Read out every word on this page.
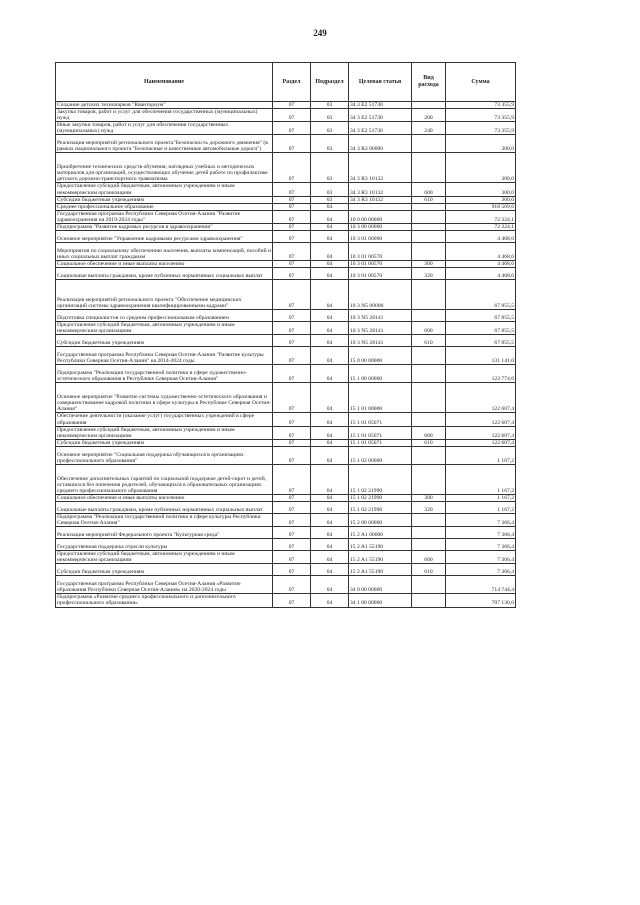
249
Наименование	Раздел	Подраздел	Целевая статья	Вид расхода	Сумма
Создание детских технопарков "Кванториум"	07	03	34 3 E2 51730		73 355,9
Закупка товаров, работ и услуг для обеспечения государственных (муниципальных) нужд	07	03	34 3 E2 51730	200	73 355,9
Иные закупки товаров, работ и услуг для обеспечения государственных (муниципальных) нужд	07	03	34 3 E2 51730	240	73 355,9
Реализация мероприятий регионального проекта"Безопасность дорожного движения" (в рамках национального проекта "Безопасные и качественные автомобильные дороги")	07	03	34 3 R3 00000		300,0
Приобретение технических средств обучения, наглядных учебных и методических материалов для организаций, осуществляющих обучение детей работе по профилактике детского дорожно-транспортного травматизма	07	03	34 3 R3 10132		300,0
Предоставление субсидий бюджетным, автономным учреждениям и иным некоммерческим организациям	07	03	34 3 R3 10132	600	300,0
Субсидии бюджетным учреждениям	07	03	34 3 R3 10132	610	300,0
Среднее профессиональное образование	07	04			918 569,6
Государственная программа Республики Северная Осетия-Алания "Развитие здравоохранения на 2019-2024 годы"	07	04	10 0 00 00000		72 324,1
Подпрограмма "Развитие кадровых ресурсов в здравоохранении"	07	04	10 3 00 00000		72 324,1
Основное мероприятие "Управление кадровыми ресурсами здравоохранения"	07	04	10 3 01 00000		4 468,6
Мероприятия по социальному обеспечению населения, выплаты компенсаций, пособий и иных социальных выплат гражданам	07	04	10 3 01 00570		4 468,6
Социальное обеспечение и иные выплаты населению	07	04	10 3 01 00570	300	4 468,6
Социальные выплаты гражданам, кроме публичных нормативных социальных выплат	07	04	10 3 01 00570	320	4 468,6
Реализация мероприятий регионального проекта "Обеспечение медицинских организаций системы здравоохранения квалифицированными кадрами"	07	04	10 3 N5 00000		67 855,5
Подготовка специалистов со средним профессиональным образованием	07	04	10 3 N5 28141		67 855,5
Предоставление субсидий бюджетным, автономным учреждениям и иным некоммерческим организациям	07	04	10 3 N5 28141	600	67 855,5
Субсидии бюджетным учреждениям	07	04	10 3 N5 28141	610	67 855,5
Государственная программа Республики Северная Осетия-Алания "Развитие культуры Республики Северная Осетия-Алания" на 2014-2024 годы	07	04	15 0 00 00000		131 141,0
Подпрограмма "Реализация государственной политики в сфере художественно-эстетического образования в Республике Северная Осетия-Алания"	07	04	15 1 00 00000		123 774,6
Основное мероприятие "Развитие системы художественно-эстетического образования и совершенствование кадровой политики в сфере культуры в Республике Северная Осетия-Алания"	07	04	15 1 01 00000		122 607,4
Обеспечение деятельности (оказание услуг) государственных учреждений в сфере образования	07	04	15 1 01 05071		122 607,4
Предоставление субсидий бюджетным, автономным учреждениям и иным некоммерческим организациям	07	04	15 1 01 05071	600	122 607,4
Субсидии бюджетным учреждениям	07	04	15 1 01 05071	610	122 607,4
Основное мероприятие "Социальная поддержка обучающихся в организациях профессионального образования"	07	04	15 1 02 00000		1 167,2
Обеспечение дополнительных гарантий по социальной поддержке детей-сирот и детей, оставшихся без попечения родителей, обучающихся в образовательных организациях среднего профессионального образования	07	04	15 1 02 21990		1 167,2
Социальное обеспечение и иные выплаты населению	07	04	15 1 02 21990	300	1 167,2
Социальные выплаты гражданам, кроме публичных нормативных социальных выплат	07	04	15 1 02 21990	320	1 167,2
Подпрограмма "Реализация государственной политики в сфере культуры Республики Северная Осетия-Алания"	07	04	15 2 00 00000		7 366,4
Реализация мероприятий Федерального проекта "Культурная среда"	07	04	15 2 A1 00000		7 366,4
Государственная поддержка отрасли культуры	07	04	15 2 A1 55190		7 366,4
Предоставление субсидий бюджетным, автономным учреждениям и иным некоммерческим организациям	07	04	15 2 A1 55190	600	7 366,4
Субсидии бюджетным учреждениям	07	04	15 2 A1 55190	610	7 366,4
Государственная программа Республики Северная Осетия-Алания «Развитие образования Республики Северная Осетия-Алания» на 2020-2024 годы	07	04	34 0 00 00000		714 744,4
Подпрограмма «Развитие среднего профессионального и дополнительного профессионального образования»	07	04	34 1 00 00000		707 130,6
